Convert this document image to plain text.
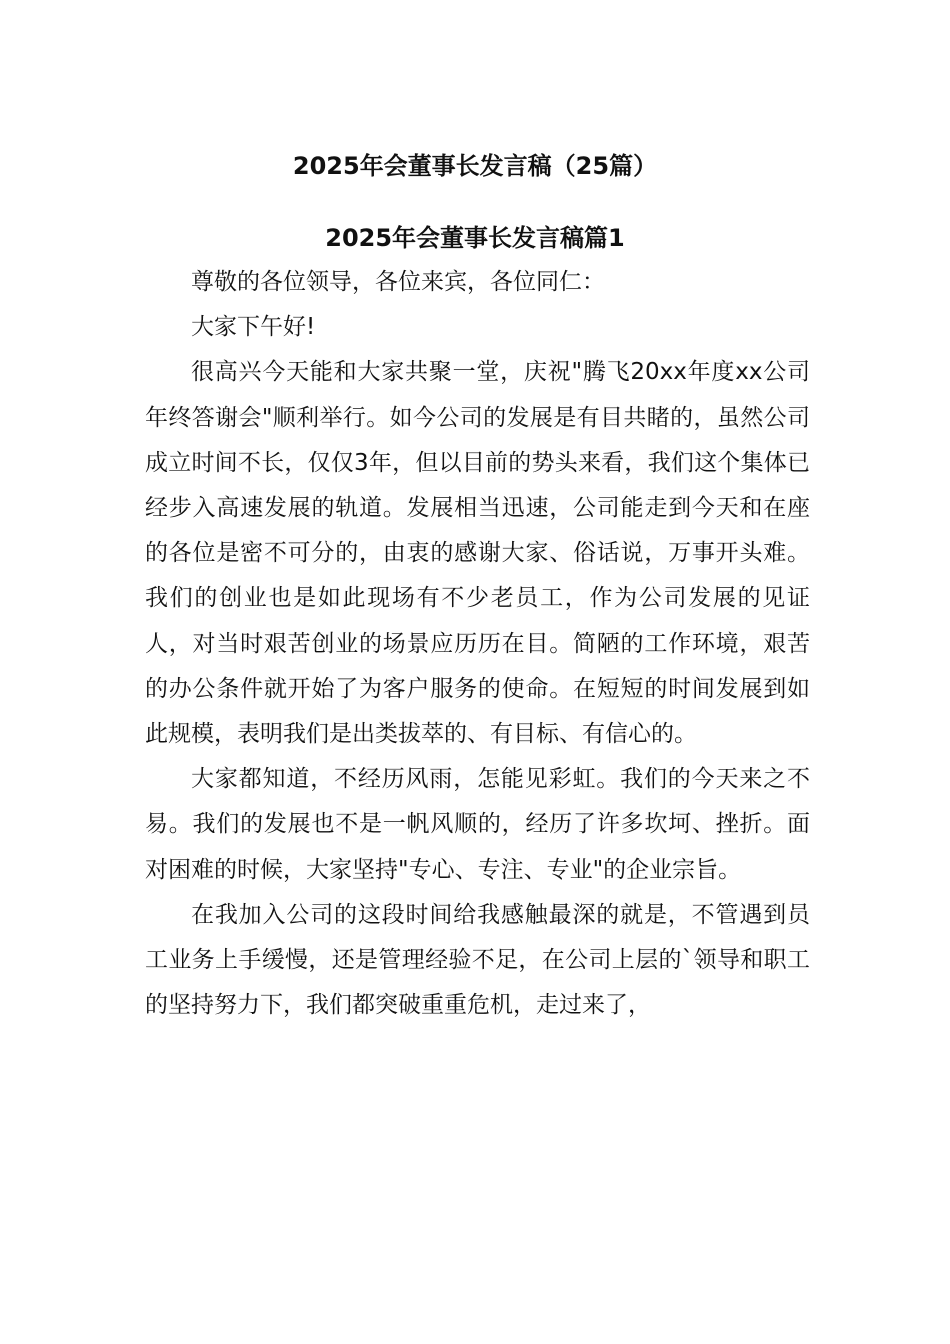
2025年会董事长发言稿（25篇）
2025年会董事长发言稿篇1

尊敬的各位领导，各位来宾，各位同仁：

大家下午好!

很高兴今天能和大家共聚一堂，庆祝"腾飞20xx年度xx公司年终答谢会"顺利举行。如今公司的发展是有目共睹的，虽然公司成立时间不长，仅仅3年，但以目前的势头来看，我们这个集体已经步入高速发展的轨道。发展相当迅速，公司能走到今天和在座的各位是密不可分的，由衷的感谢大家、俗话说，万事开头难。我们的创业也是如此现场有不少老员工，作为公司发展的见证人，对当时艰苦创业的场景应历历在目。简陋的工作环境，艰苦的办公条件就开始了为客户服务的使命。在短短的时间发展到如此规模，表明我们是出类拔萃的、有目标、有信心的。

大家都知道，不经历风雨，怎能见彩虹。我们的今天来之不易。我们的发展也不是一帆风顺的，经历了许多坎坷、挫折。面对困难的时候，大家坚持"专心、专注、专业"的企业宗旨。

在我加入公司的这段时间给我感触最深的就是，不管遇到员工业务上手缓慢，还是管理经验不足，在公司上层的`领导和职工的坚持努力下，我们都突破重重危机，走过来了，
